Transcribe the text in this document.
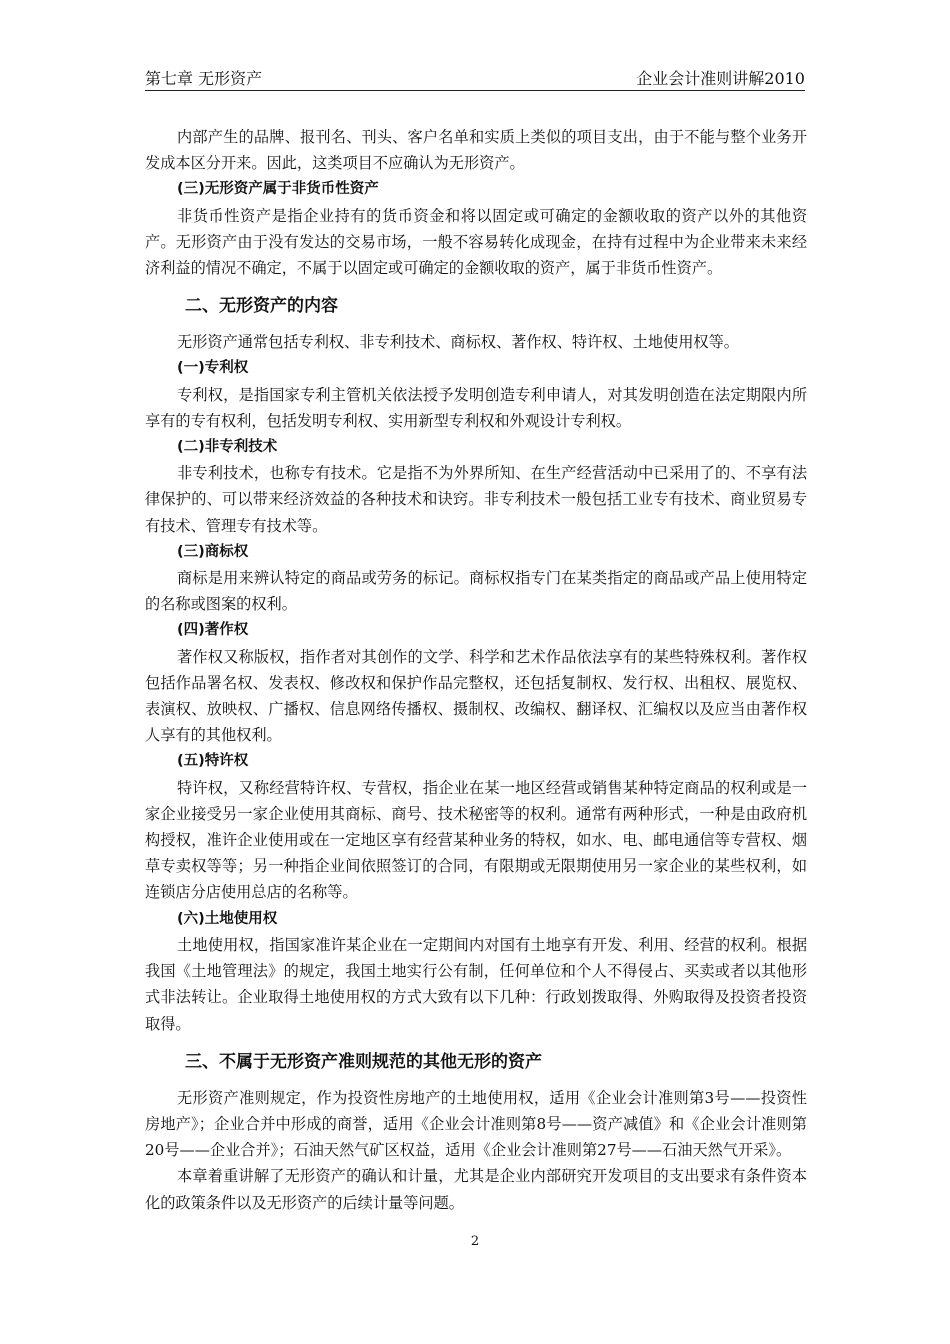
第七章 无形资产	企业会计准则讲解2010

内部产生的品牌、报刊名、刊头、客户名单和实质上类似的项目支出，由于不能与整个业务开发成本区分开来。因此，这类项目不应确认为无形资产。

(三)无形资产属于非货币性资产

非货币性资产是指企业持有的货币资金和将以固定或可确定的金额收取的资产以外的其他资产。无形资产由于没有发达的交易市场，一般不容易转化成现金，在持有过程中为企业带来未来经济利益的情况不确定，不属于以固定或可确定的金额收取的资产，属于非货币性资产。

二、无形资产的内容

无形资产通常包括专利权、非专利技术、商标权、著作权、特许权、土地使用权等。

(一)专利权

专利权，是指国家专利主管机关依法授予发明创造专利申请人，对其发明创造在法定期限内所享有的专有权利，包括发明专利权、实用新型专利权和外观设计专利权。

(二)非专利技术

非专利技术，也称专有技术。它是指不为外界所知、在生产经营活动中已采用了的、不享有法律保护的、可以带来经济效益的各种技术和诀窍。非专利技术一般包括工业专有技术、商业贸易专有技术、管理专有技术等。

(三)商标权

商标是用来辨认特定的商品或劳务的标记。商标权指专门在某类指定的商品或产品上使用特定的名称或图案的权利。

(四)著作权

著作权又称版权，指作者对其创作的文学、科学和艺术作品依法享有的某些特殊权利。著作权包括作品署名权、发表权、修改权和保护作品完整权，还包括复制权、发行权、出租权、展览权、表演权、放映权、广播权、信息网络传播权、摄制权、改编权、翻译权、汇编权以及应当由著作权人享有的其他权利。

(五)特许权

特许权，又称经营特许权、专营权，指企业在某一地区经营或销售某种特定商品的权利或是一家企业接受另一家企业使用其商标、商号、技术秘密等的权利。通常有两种形式，一种是由政府机构授权，准许企业使用或在一定地区享有经营某种业务的特权，如水、电、邮电通信等专营权、烟草专卖权等等；另一种指企业间依照签订的合同，有限期或无限期使用另一家企业的某些权利，如连锁店分店使用总店的名称等。

(六)土地使用权

土地使用权，指国家准许某企业在一定期间内对国有土地享有开发、利用、经营的权利。根据我国《土地管理法》的规定，我国土地实行公有制，任何单位和个人不得侵占、买卖或者以其他形式非法转让。企业取得土地使用权的方式大致有以下几种：行政划拨取得、外购取得及投资者投资取得。

三、不属于无形资产准则规范的其他无形的资产

无形资产准则规定，作为投资性房地产的土地使用权，适用《企业会计准则第3号——投资性房地产》；企业合并中形成的商誉，适用《企业会计准则第8号——资产减值》和《企业会计准则第20号——企业合并》；石油天然气矿区权益，适用《企业会计准则第27号——石油天然气开采》。

本章着重讲解了无形资产的确认和计量，尤其是企业内部研究开发项目的支出要求有条件资本化的政策条件以及无形资产的后续计量等问题。

2
